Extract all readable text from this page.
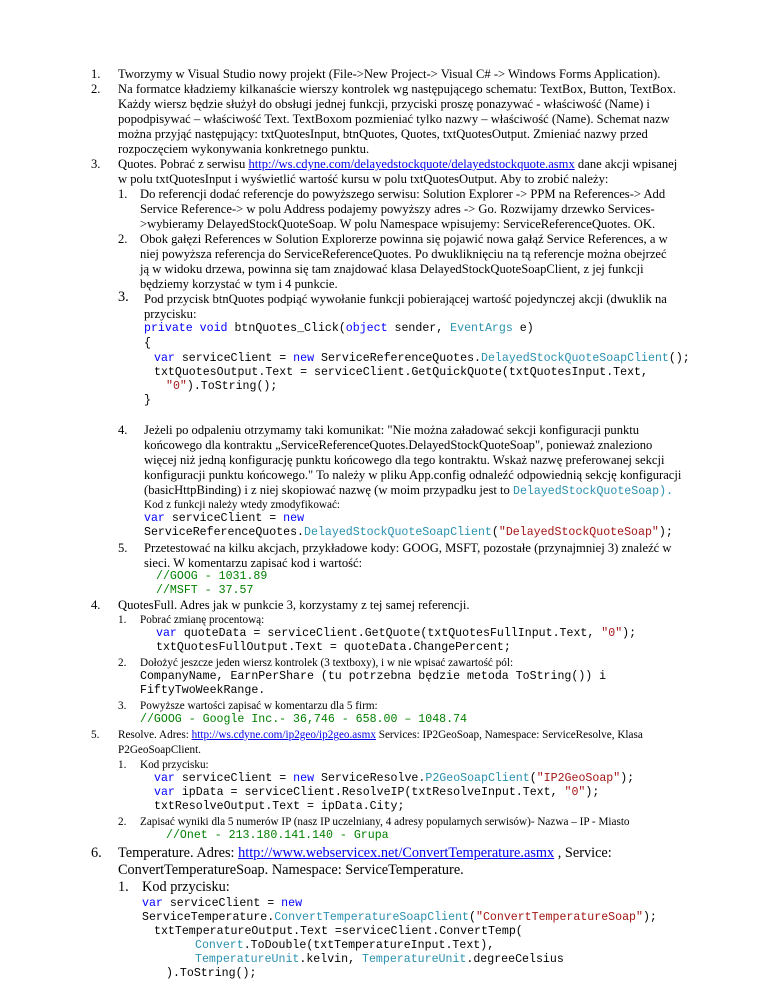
1. Tworzymy w Visual Studio nowy projekt (File->New Project-> Visual C# -> Windows Forms Application).
2. Na formatce kładziemy kilkanaście wierszy kontrolek wg następującego schematu: TextBox, Button, TextBox.
Każdy wiersz będzie służył do obsługi jednej funkcji, przyciski proszę ponazywać - właściwość (Name) i
popodpisywać – właściwość Text. TextBoxom pozmieniać tylko nazwy – właściwość (Name). Schemat nazw
można przyjąć następujący: txtQuotesInput, btnQuotes, Quotes, txtQuotesOutput. Zmieniać nazwy przed
rozpoczęciem wykonywania konkretnego punktu.
3. Quotes. Pobrać z serwisu http://ws.cdyne.com/delayedstockquote/delayedstockquote.asmx dane akcji wpisanej
w polu txtQuotesInput i wyświetlić wartość kursu w polu txtQuotesOutput. Aby to zrobić należy:
1. Do referencji dodać referencje do powyższego serwisu: Solution Explorer -> PPM na References-> Add
Service Reference-> w polu Address podajemy powyższy adres -> Go. Rozwijamy drzewko Services-
>wybieramy DelayedStockQuoteSoap. W polu Namespace wpisujemy: ServiceReferenceQuotes. OK.
2. Obok gałęzi References w Solution Explorerze powinna się pojawić nowa gałąź Service References, a w
niej powyższa referencja do ServiceReferenceQuotes. Po dwukliknięciu na tą referencje można obejrzeć
ją w widoku drzewa, powinna się tam znajdować klasa DelayedStockQuoteSoapClient, z jej funkcji
będziemy korzystać w tym i 4 punkcie.
3. Pod przycisk btnQuotes podpiąć wywołanie funkcji pobierającej wartość pojedynczej akcji (dwuklik na
przycisku:
private void btnQuotes_Click(object sender, EventArgs e)
{
var serviceClient = new ServiceReferenceQuotes.DelayedStockQuoteSoapClient();
txtQuotesOutput.Text = serviceClient.GetQuickQuote(txtQuotesInput.Text,
"0").ToString();
}
4. Jeżeli po odpaleniu otrzymamy taki komunikat: "Nie można załadować sekcji konfiguracji punktu
końcowego dla kontraktu „ServiceReferenceQuotes.DelayedStockQuoteSoap", ponieważ znaleziono
więcej niż jedną konfigurację punktu końcowego dla tego kontraktu. Wskaż nazwę preferowanej sekcji
konfiguracji punktu końcowego." To należy w pliku App.config odnaleźć odpowiednią sekcję konfiguracji
(basicHttpBinding) i z niej skopiować nazwę (w moim przypadku jest to DelayedStockQuoteSoap).
Kod z funkcji należy wtedy zmodyfikować:
var serviceClient = new
ServiceReferenceQuotes.DelayedStockQuoteSoapClient("DelayedStockQuoteSoap");
5. Przetestować na kilku akcjach, przykładowe kody: GOOG, MSFT, pozostałe (przynajmniej 3) znaleźć w
sieci. W komentarzu zapisać kod i wartość:
//GOOG - 1031.89
//MSFT - 37.57
4. QuotesFull. Adres jak w punkcie 3, korzystamy z tej samej referencji.
1. Pobrać zmianę procentową:
var quoteData = serviceClient.GetQuote(txtQuotesFullInput.Text, "0");
txtQuotesFullOutput.Text = quoteData.ChangePercent;
2. Dołożyć jeszcze jeden wiersz kontrolek (3 textboxy), i w nie wpisać zawartość pól:
CompanyName, EarnPerShare (tu potrzebna będzie metoda ToString()) i
FiftyTwoWeekRange.
3. Powyższe wartości zapisać w komentarzu dla 5 firm:
//GOOG - Google Inc.- 36,746 - 658.00 – 1048.74
5. Resolve. Adres: http://ws.cdyne.com/ip2geo/ip2geo.asmx Services: IP2GeoSoap, Namespace: ServiceResolve, Klasa
P2GeoSoapClient.
1. Kod przycisku:
var serviceClient = new ServiceResolve.P2GeoSoapClient("IP2GeoSoap");
var ipData = serviceClient.ResolveIP(txtResolveInput.Text, "0");
txtResolveOutput.Text = ipData.City;
2. Zapisać wyniki dla 5 numerów IP (nasz IP uczelniany, 4 adresy popularnych serwisów)- Nazwa – IP - Miasto
//Onet - 213.180.141.140 - Grupa
6. Temperature. Adres: http://www.webservicex.net/ConvertTemperature.asmx , Service:
ConvertTemperatureSoap. Namespace: ServiceTemperature.
1. Kod przycisku:
var serviceClient = new
ServiceTemperature.ConvertTemperatureSoapClient("ConvertTemperatureSoap");
txtTemperatureOutput.Text =serviceClient.ConvertTemp(
Convert.ToDouble(txtTemperatureInput.Text),
TemperatureUnit.kelvin, TemperatureUnit.degreeCelsius
).ToString();
